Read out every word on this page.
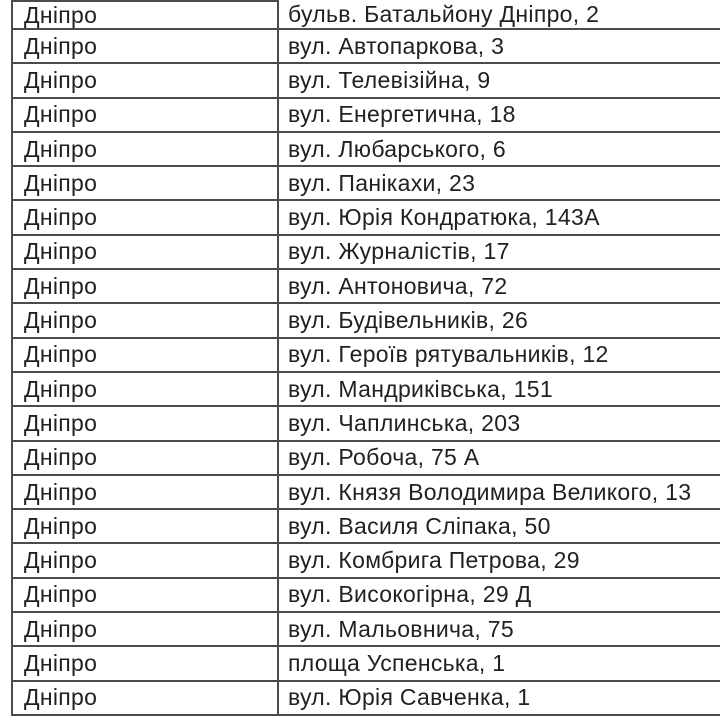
Дніпро	бульв. Батальйону Дніпро, 2
Дніпро	вул. Автопаркова, 3
Дніпро	вул. Телевізійна, 9
Дніпро	вул. Енергетична, 18
Дніпро	вул. Любарського, 6
Дніпро	вул. Панікахи, 23
Дніпро	вул. Юрія Кондратюка, 143А
Дніпро	вул. Журналістів, 17
Дніпро	вул. Антоновича, 72
Дніпро	вул. Будівельників, 26
Дніпро	вул. Героїв рятувальників, 12
Дніпро	вул. Мандриківська, 151
Дніпро	вул. Чаплинська, 203
Дніпро	вул. Робоча, 75 А
Дніпро	вул. Князя Володимира Великого, 13
Дніпро	вул. Василя Сліпака, 50
Дніпро	вул. Комбрига Петрова, 29
Дніпро	вул. Високогірна, 29 Д
Дніпро	вул. Мальовнича, 75
Дніпро	площа Успенська, 1
Дніпро	вул. Юрія Савченка, 1
